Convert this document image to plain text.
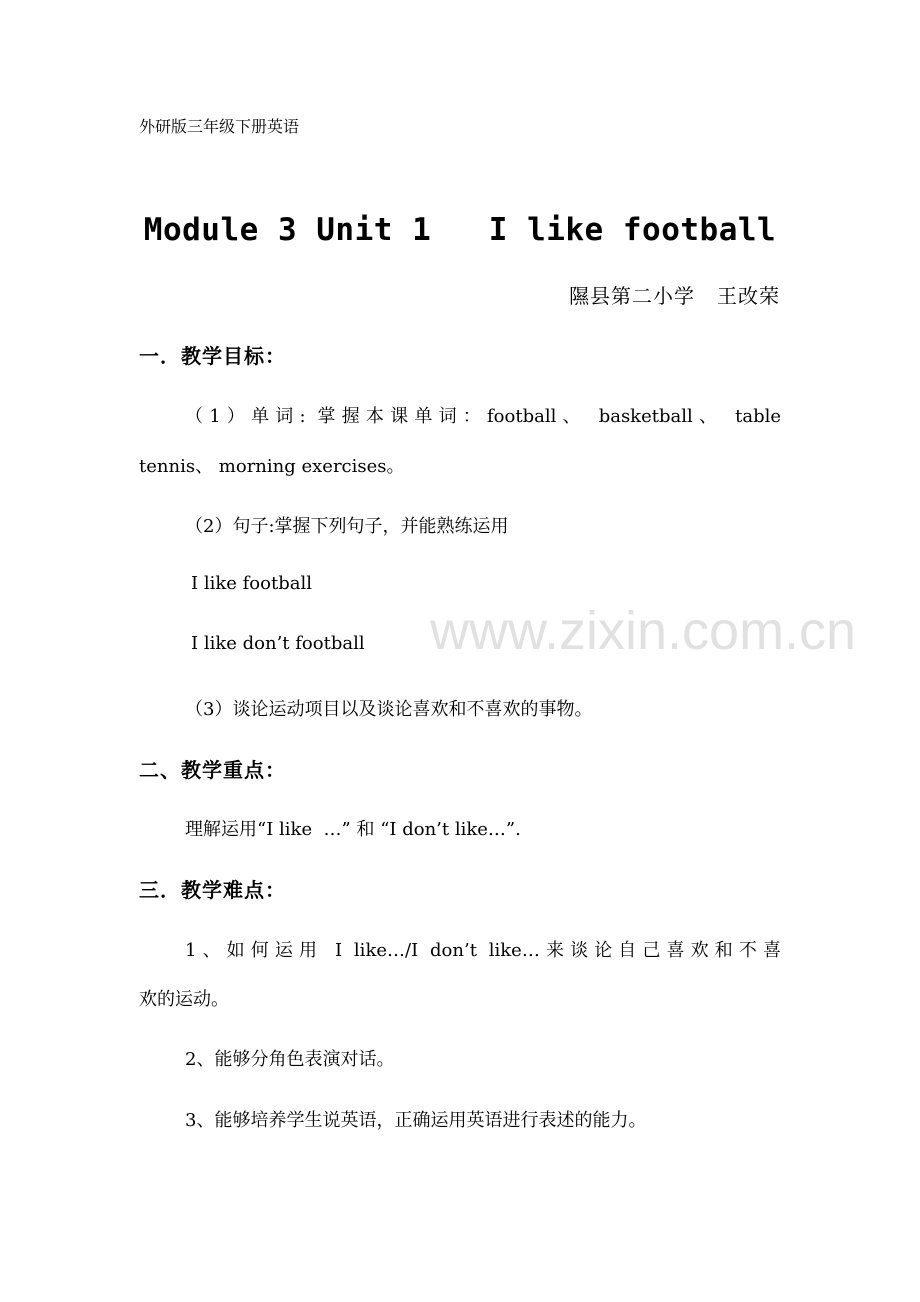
外研版三年级下册英语
Module 3 Unit 1   I like football
隰县第二小学 王改荣
一．教学目标：
（1）单词: 掌握本课单词：football、 basketball、 table
tennis、 morning exercises。
（2）句子:掌握下列句子，并能熟练运用
I like football
I like don’t football
（3）谈论运动项目以及谈论喜欢和不喜欢的事物。
二、教学重点：
理解运用“I like  …” 和 “I don’t like…”.
三．教学难点：
1、如何运用 I like…/I don’t like…来谈论自己喜欢和不喜
欢的运动。
2、能够分角色表演对话。
3、能够培养学生说英语，正确运用英语进行表述的能力。
www.zixin.com.cn
